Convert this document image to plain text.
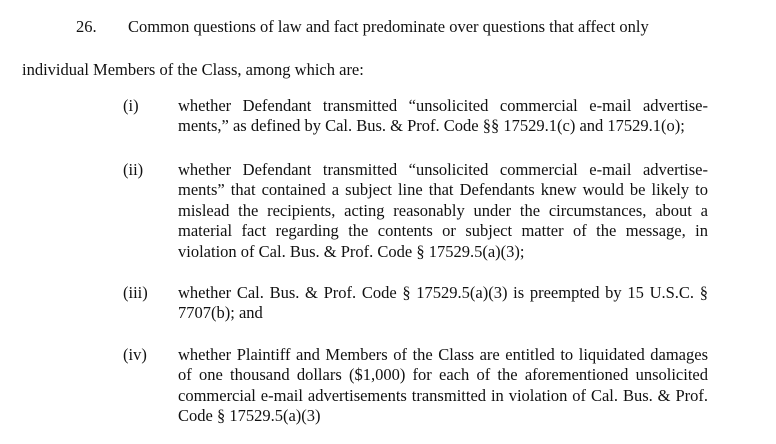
26. Common questions of law and fact predominate over questions that affect only
individual Members of the Class, among which are:
(i) whether Defendant transmitted “unsolicited commercial e-mail advertise-ments,” as defined by Cal. Bus. & Prof. Code §§ 17529.1(c) and 17529.1(o);
(ii) whether Defendant transmitted “unsolicited commercial e-mail advertise-ments” that contained a subject line that Defendants knew would be likely to mislead the recipients, acting reasonably under the circumstances, about a material fact regarding the contents or subject matter of the message, in violation of Cal. Bus. & Prof. Code § 17529.5(a)(3);
(iii) whether Cal. Bus. & Prof. Code § 17529.5(a)(3) is preempted by 15 U.S.C. § 7707(b); and
(iv) whether Plaintiff and Members of the Class are entitled to liquidated damages of one thousand dollars ($1,000) for each of the aforementioned unsolicited commercial e-mail advertisements transmitted in violation of Cal. Bus. & Prof. Code § 17529.5(a)(3)
